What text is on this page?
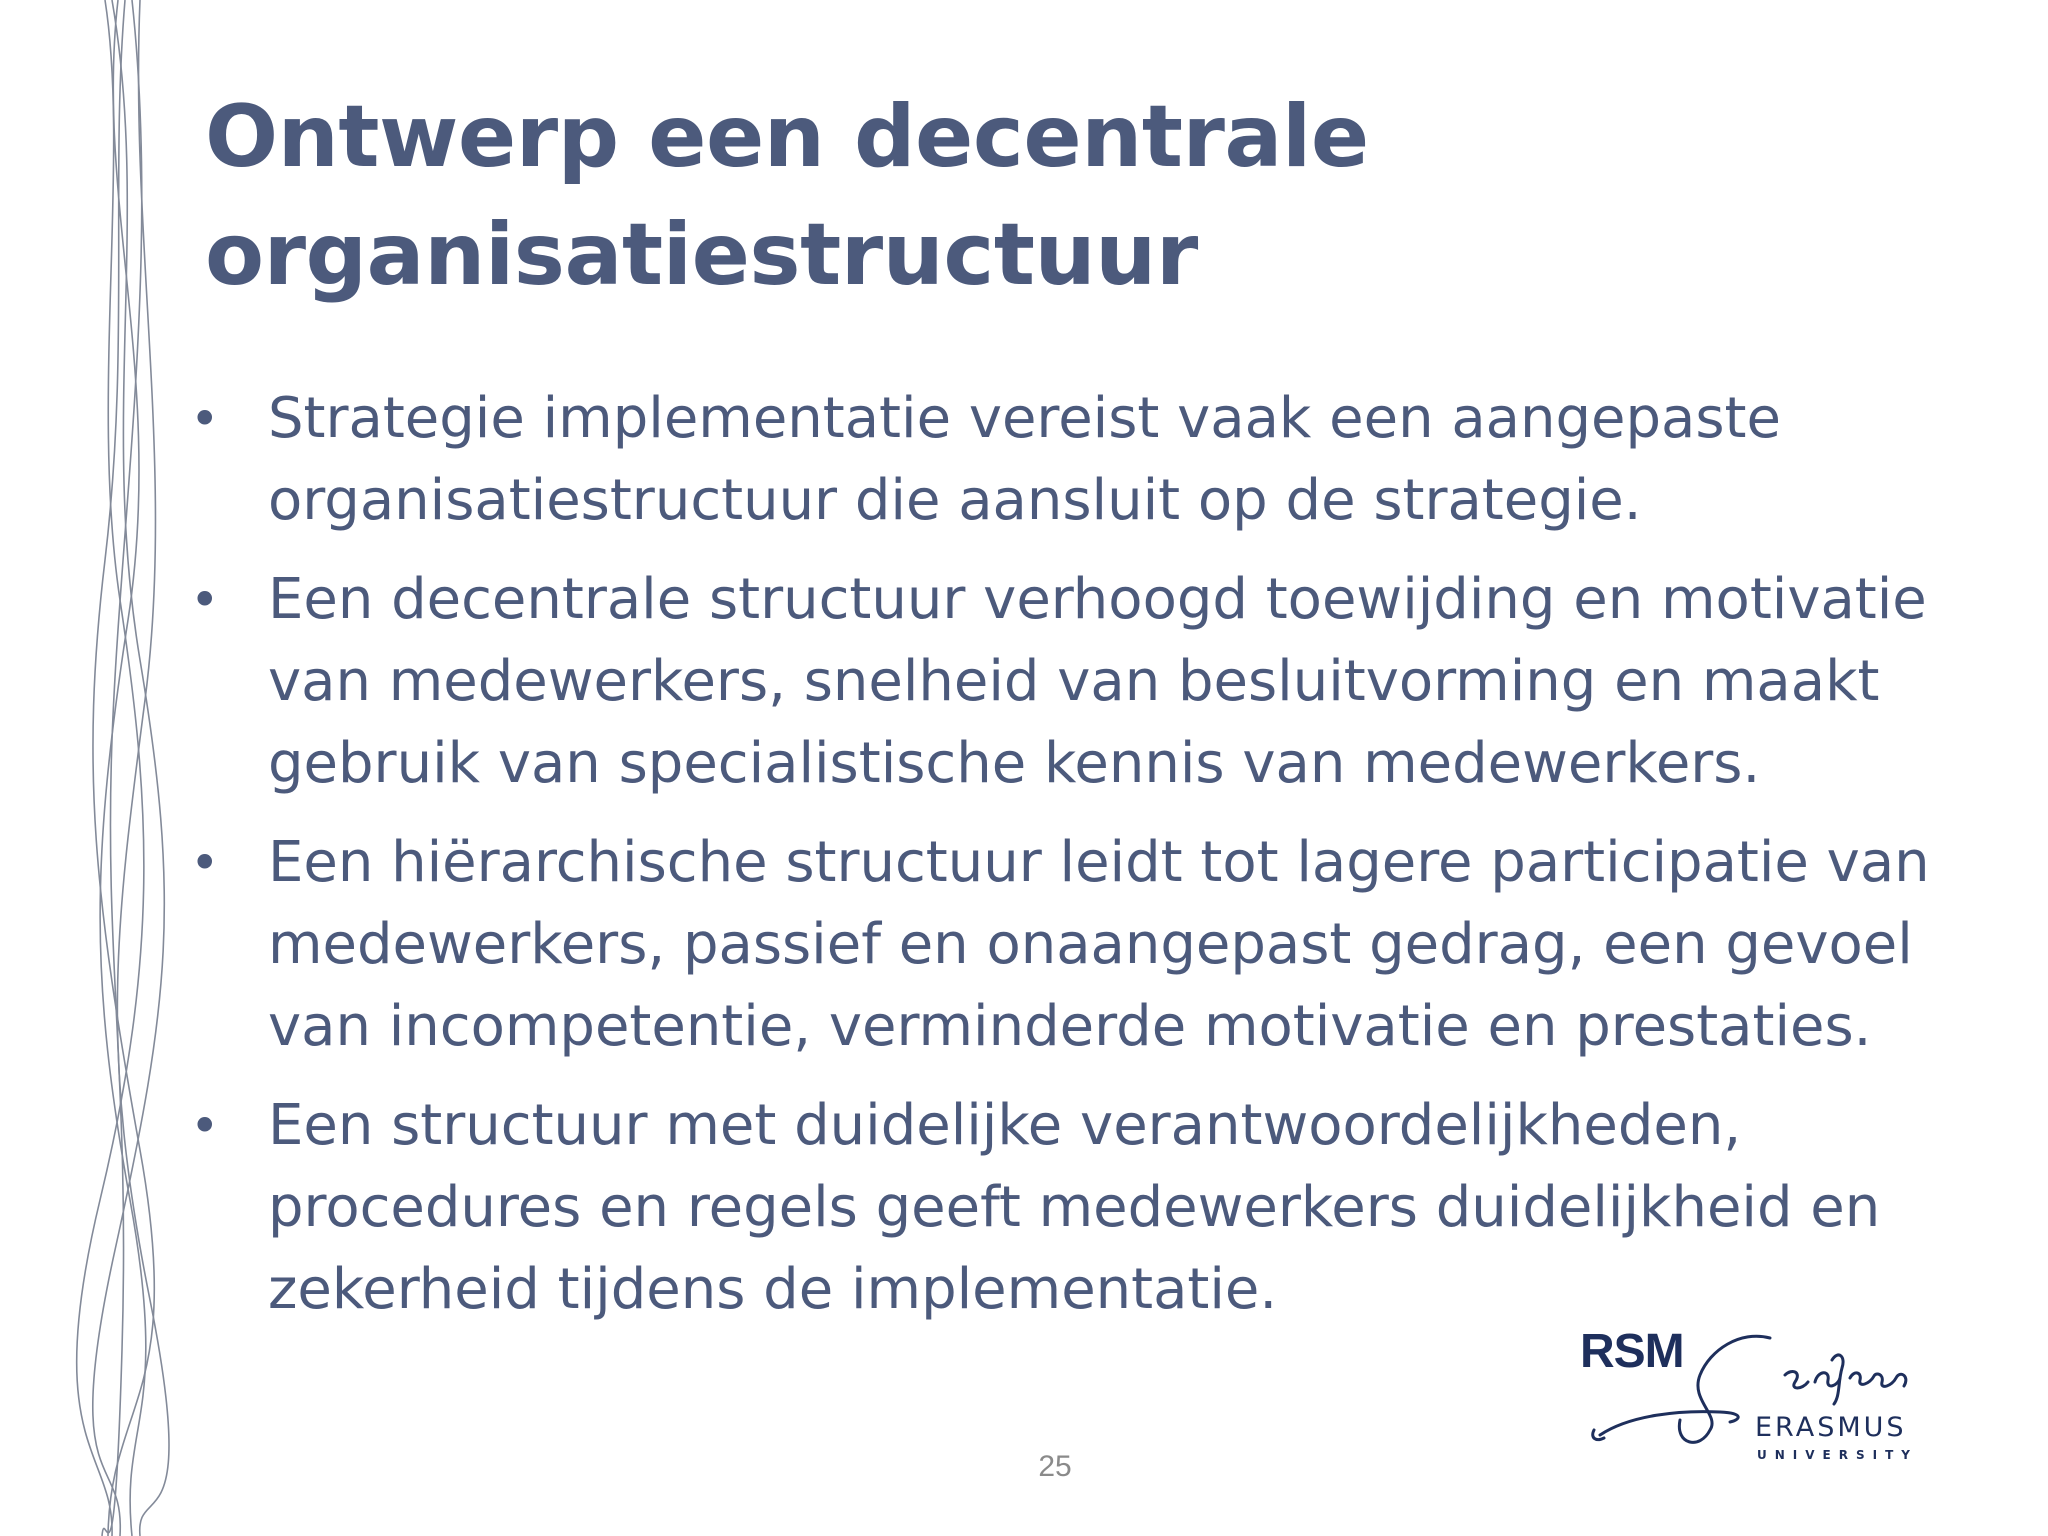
Ontwerp een decentrale organisatiestructuur
• Strategie implementatie vereist vaak een aangepaste organisatiestructuur die aansluit op de strategie.
• Een decentrale structuur verhoogd toewijding en motivatie van medewerkers, snelheid van besluitvorming en maakt gebruik van specialistische kennis van medewerkers.
• Een hiërarchische structuur leidt tot lagere participatie van medewerkers, passief en onaangepast gedrag, een gevoel van incompetentie, verminderde motivatie en prestaties.
• Een structuur met duidelijke verantwoordelijkheden, procedures en regels geeft medewerkers duidelijkheid en zekerheid tijdens de implementatie.
25
RSM
ERASMUS
UNIVERSITY
